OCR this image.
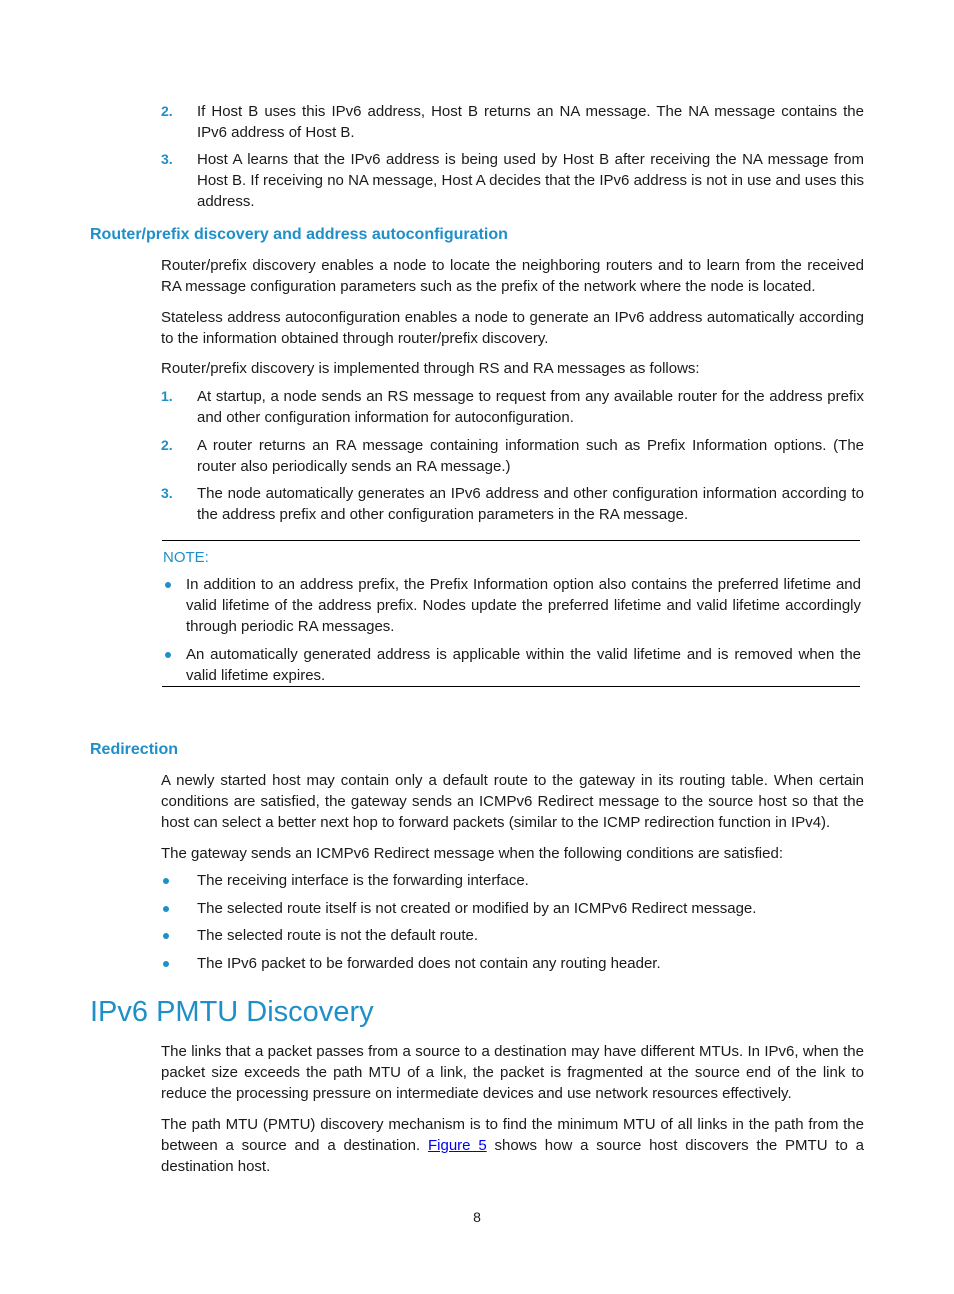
2.	If Host B uses this IPv6 address, Host B returns an NA message. The NA message contains the IPv6 address of Host B.
3.	Host A learns that the IPv6 address is being used by Host B after receiving the NA message from Host B. If receiving no NA message, Host A decides that the IPv6 address is not in use and uses this address.
Router/prefix discovery and address autoconfiguration
Router/prefix discovery enables a node to locate the neighboring routers and to learn from the received RA message configuration parameters such as the prefix of the network where the node is located.
Stateless address autoconfiguration enables a node to generate an IPv6 address automatically according to the information obtained through router/prefix discovery.
Router/prefix discovery is implemented through RS and RA messages as follows:
1.	At startup, a node sends an RS message to request from any available router for the address prefix and other configuration information for autoconfiguration.
2.	A router returns an RA message containing information such as Prefix Information options. (The router also periodically sends an RA message.)
3.	The node automatically generates an IPv6 address and other configuration information according to the address prefix and other configuration parameters in the RA message.
NOTE:
In addition to an address prefix, the Prefix Information option also contains the preferred lifetime and valid lifetime of the address prefix. Nodes update the preferred lifetime and valid lifetime accordingly through periodic RA messages.
An automatically generated address is applicable within the valid lifetime and is removed when the valid lifetime expires.
Redirection
A newly started host may contain only a default route to the gateway in its routing table. When certain conditions are satisfied, the gateway sends an ICMPv6 Redirect message to the source host so that the host can select a better next hop to forward packets (similar to the ICMP redirection function in IPv4).
The gateway sends an ICMPv6 Redirect message when the following conditions are satisfied:
The receiving interface is the forwarding interface.
The selected route itself is not created or modified by an ICMPv6 Redirect message.
The selected route is not the default route.
The IPv6 packet to be forwarded does not contain any routing header.
IPv6 PMTU Discovery
The links that a packet passes from a source to a destination may have different MTUs. In IPv6, when the packet size exceeds the path MTU of a link, the packet is fragmented at the source end of the link to reduce the processing pressure on intermediate devices and use network resources effectively.
The path MTU (PMTU) discovery mechanism is to find the minimum MTU of all links in the path from the between a source and a destination. Figure 5 shows how a source host discovers the PMTU to a destination host.
8
